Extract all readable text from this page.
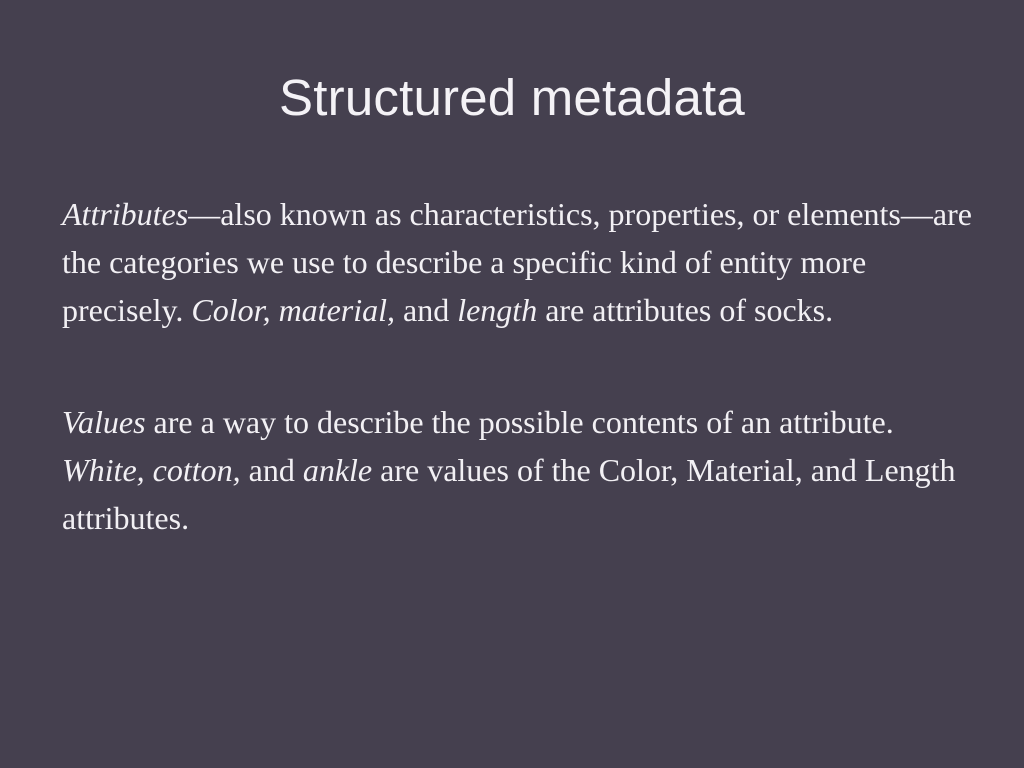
Structured metadata

Attributes—also known as characteristics, properties, or elements—are the categories we use to describe a specific kind of entity more precisely. Color, material, and length are attributes of socks.

Values are a way to describe the possible contents of an attribute. White, cotton, and ankle are values of the Color, Material, and Length attributes.
